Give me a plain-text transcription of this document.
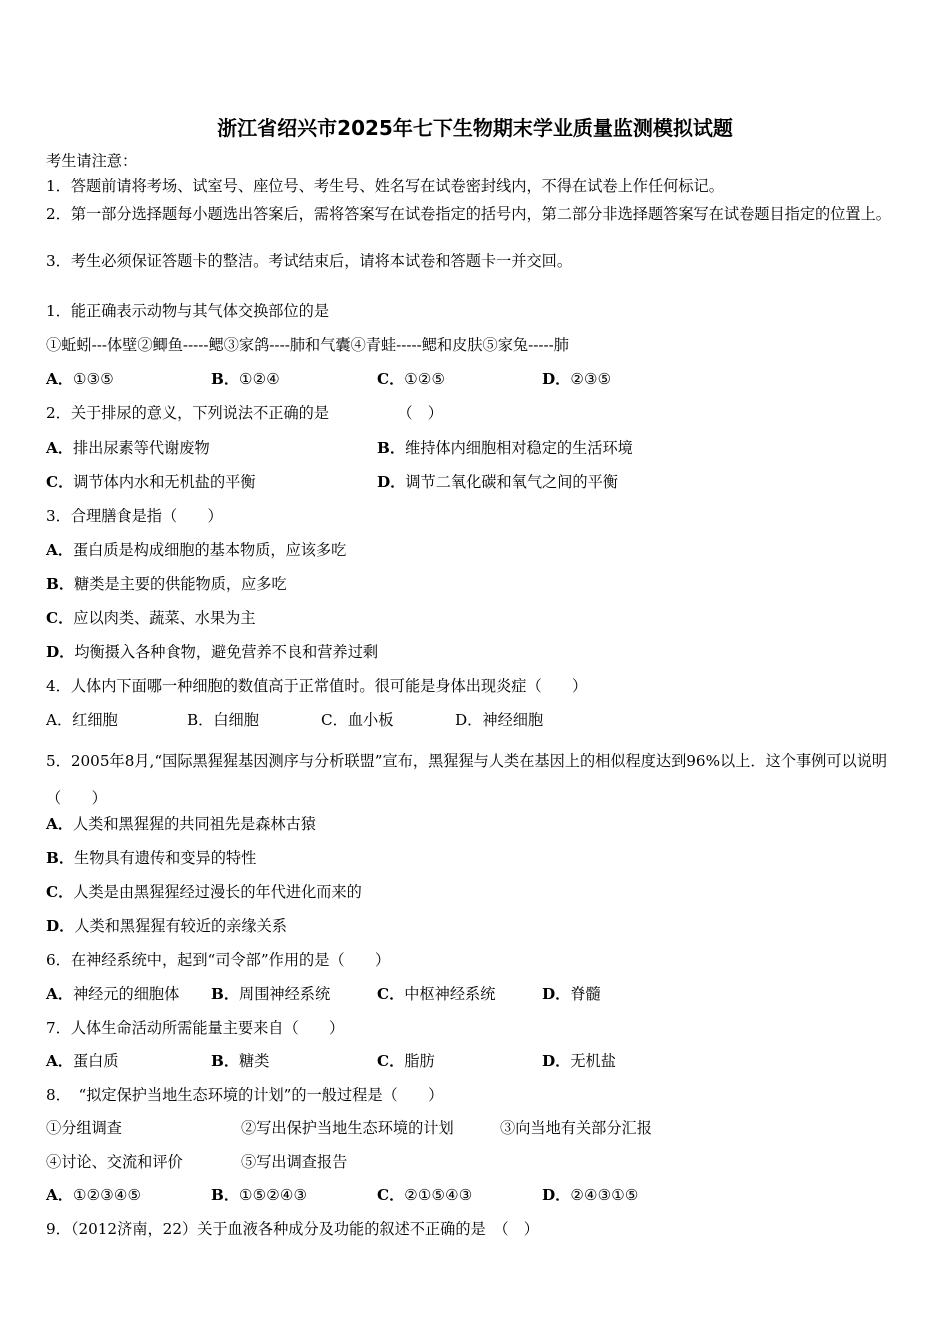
浙江省绍兴市2025年七下生物期末学业质量监测模拟试题
考生请注意：
1．答题前请将考场、试室号、座位号、考生号、姓名写在试卷密封线内，不得在试卷上作任何标记。
2．第一部分选择题每小题选出答案后，需将答案写在试卷指定的括号内，第二部分非选择题答案写在试卷题目指定的位置上。
3．考生必须保证答题卡的整洁。考试结束后，请将本试卷和答题卡一并交回。
1．能正确表示动物与其气体交换部位的是
①蚯蚓---体壁②鲫鱼-----鳃③家鸽----肺和气囊④青蛙-----鳃和皮肤⑤家兔-----肺
A．①③⑤	B．①②④	C．①②⑤	D．②③⑤
2．关于排尿的意义，下列说法不正确的是　　　　　（　）
A．排出尿素等代谢废物	B．维持体内细胞相对稳定的生活环境
C．调节体内水和无机盐的平衡	D．调节二氧化碳和氧气之间的平衡
3．合理膳食是指（　　）
A．蛋白质是构成细胞的基本物质，应该多吃
B．糖类是主要的供能物质，应多吃
C．应以肉类、蔬菜、水果为主
D．均衡摄入各种食物，避免营养不良和营养过剩
4．人体内下面哪一种细胞的数值高于正常值时。很可能是身体出现炎症（　　）
A．红细胞	B．白细胞	C．血小板	D．神经细胞
5．2005年8月,“国际黑猩猩基因测序与分析联盟”宣布，黑猩猩与人类在基因上的相似程度达到96%以上．这个事例可以说明（　　）
A．人类和黑猩猩的共同祖先是森林古猿
B．生物具有遗传和变异的特性
C．人类是由黑猩猩经过漫长的年代进化而来的
D．人类和黑猩猩有较近的亲缘关系
6．在神经系统中，起到“司令部”作用的是（　　）
A．神经元的细胞体 B．周围神经系统	C．中枢神经系统	D．脊髓
7．人体生命活动所需能量主要来自（　　）
A．蛋白质	B．糖类	C．脂肪	D．无机盐
8．　“拟定保护当地生态环境的计划”的一般过程是（　　）
①分组调查	②写出保护当地生态环境的计划	③向当地有关部分汇报
④讨论、交流和评价	⑤写出调查报告
A．①②③④⑤	B．①⑤②④③	C．②①⑤④③	D．②④③①⑤
9．（2012济南，22）关于血液各种成分及功能的叙述不正确的是　（　）
